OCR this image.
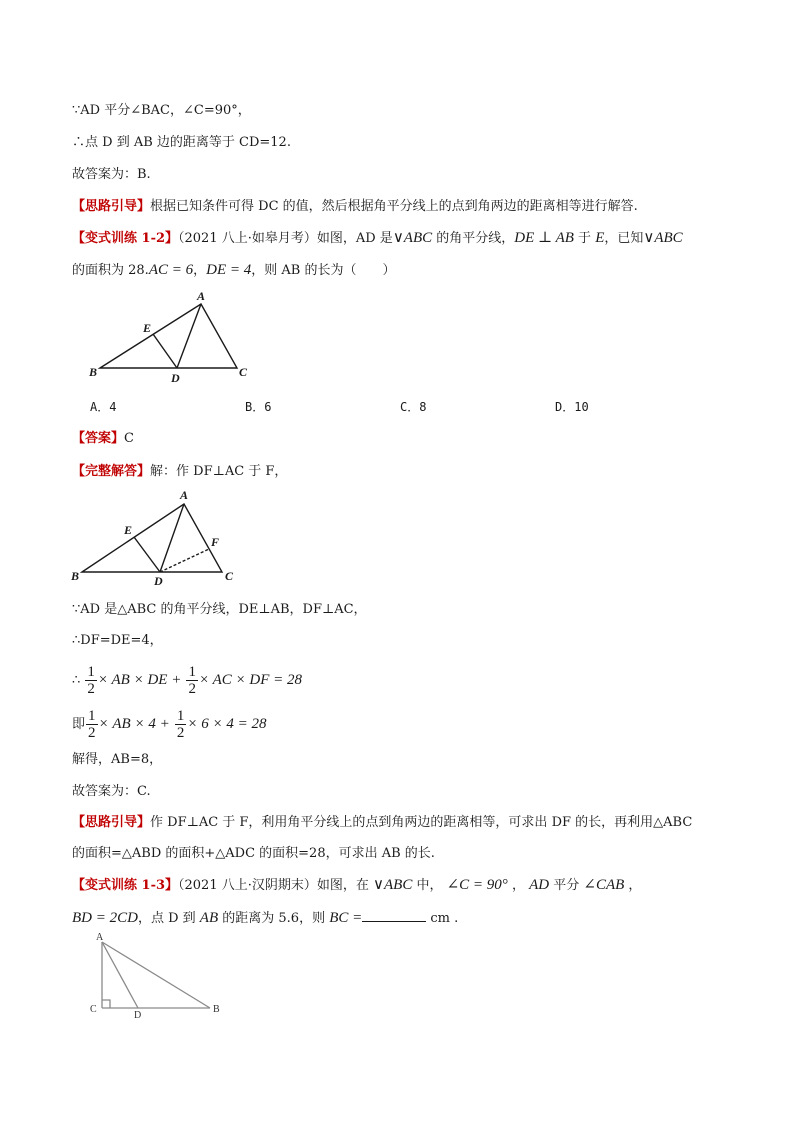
∵AD 平分∠BAC，∠C=90°，
∴点 D 到 AB 边的距离等于 CD=12.
故答案为：B.
【思路引导】根据已知条件可得 DC 的值，然后根据角平分线上的点到角两边的距离相等进行解答.
【变式训练 1-2】（2021 八上·如皋月考）如图，AD 是∨ABC 的角平分线，DE ⊥ AB 于 E，已知∨ABC
的面积为 28.AC = 6，DE = 4，则 AB 的长为（　　）
A
B	C
D
E
A．4	B．6	C．8	D．10
【答案】C
【完整解答】解：作 DF⊥AC 于 F，
A
B	C
D
E
F
∵AD 是△ABC 的角平分线，DE⊥AB，DF⊥AC，
∴DF=DE=4，
∴ $\frac{1}{2}$ × AB × DE + $\frac{1}{2}$ × AC × DF = 28
即 $\frac{1}{2}$ × AB × $4 + \frac{1}{2} \times 6 \times 4 = 28$
解得，AB=8，
故答案为：C.
【思路引导】作 DF⊥AC 于 F，利用角平分线上的点到角两边的距离相等，可求出 DF 的长，再利用△ABC
的面积=△ABD 的面积+△ADC 的面积=28，可求出 AB 的长.
【变式训练 1-3】（2021 八上·汉阴期末）如图，在 ∨ABC 中， ∠C = 90° ， AD 平分 ∠CAB ，
BD = 2CD，点 D 到 AB 的距离为 5.6，则 BC =	cm .
A
C
D
B
